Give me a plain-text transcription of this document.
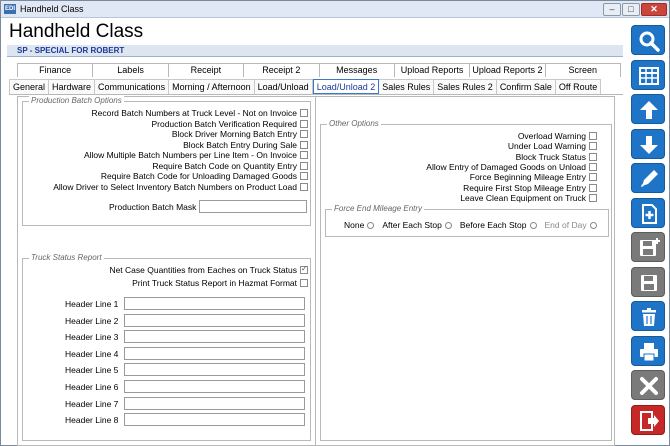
EDI Handheld Class	–	□	✕
Handheld Class
SP - SPECIAL FOR ROBERT
Finance	Labels	Receipt	Receipt 2	Messages	Upload Reports	Upload Reports 2	Screen
General Hardware Communications Morning / Afternoon Load/Unload Load/Unload 2 Sales Rules Sales Rules 2 Confirm Sale Off Route
Production Batch Options
Record Batch Numbers at Truck Level - Not on Invoice
Production Batch Verification Required
Block Driver Morning Batch Entry
Block Batch Entry During Sale
Allow Multiple Batch Numbers per Line Item - On Invoice
Require Batch Code on Quantity Entry
Require Batch Code for Unloading Damaged Goods
Allow Driver to Select Inventory Batch Numbers on Product Load
Production Batch Mask
Truck Status Report
Net Case Quantities from Eaches on Truck Status
✓
Print Truck Status Report in Hazmat Format
Header Line 1
Header Line 2
Header Line 3
Header Line 4
Header Line 5
Header Line 6
Header Line 7
Header Line 8
Other Options
Overload Warning
Under Load Warning
Block Truck Status
Allow Entry of Damaged Goods on Unload
Force Beginning Mileage Entry
Require First Stop Mileage Entry
Leave Clean Equipment on Truck
Force End Mileage Entry
None After Each Stop Before Each Stop End of Day
